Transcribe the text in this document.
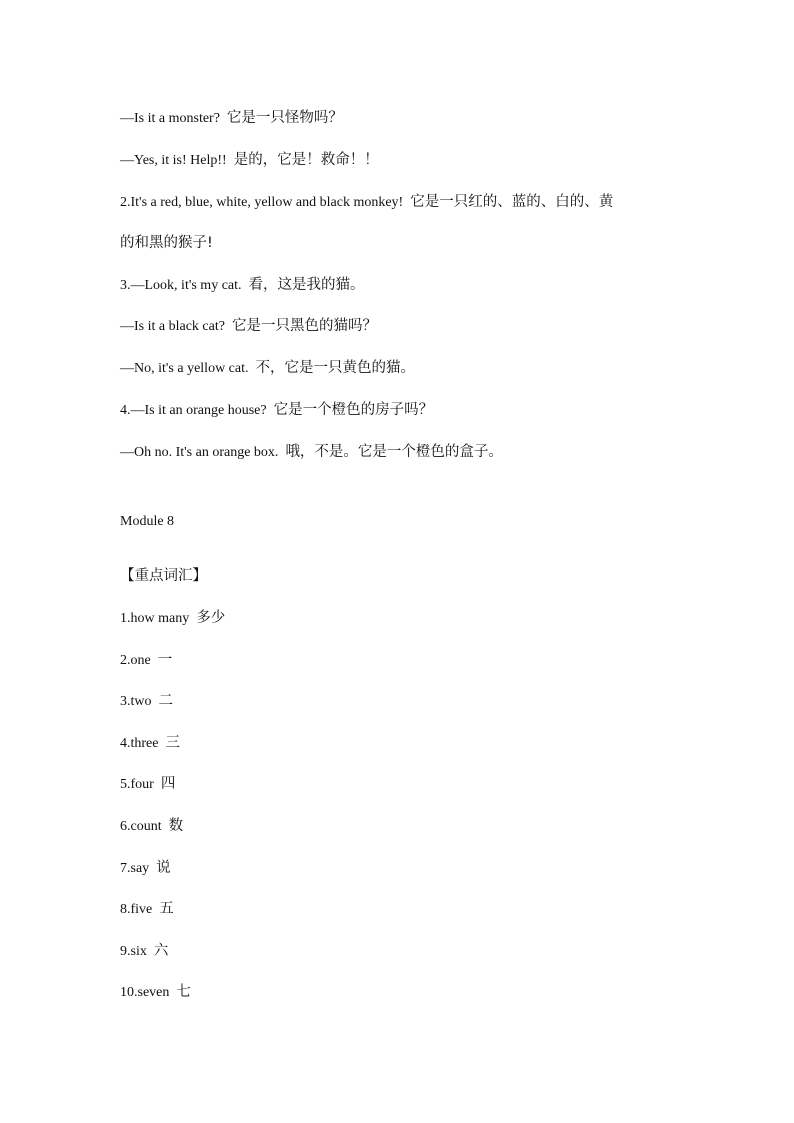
—Is it a monster? 它是一只怪物吗？
—Yes, it is! Help!! 是的，它是！救命！！
2.It's a red, blue, white, yellow and black monkey! 它是一只红的、蓝的、白的、黄
的和黑的猴子!
3.—Look, it's my cat. 看，这是我的猫。
—Is it a black cat? 它是一只黑色的猫吗？
—No, it's a yellow cat. 不，它是一只黄色的猫。
4.—Is it an orange house? 它是一个橙色的房子吗？
—Oh no. It's an orange box. 哦，不是。它是一个橙色的盒子。
Module 8
【重点词汇】
1.how many 多少
2.one 一
3.two 二
4.three 三
5.four 四
6.count 数
7.say 说
8.five 五
9.six 六
10.seven 七
